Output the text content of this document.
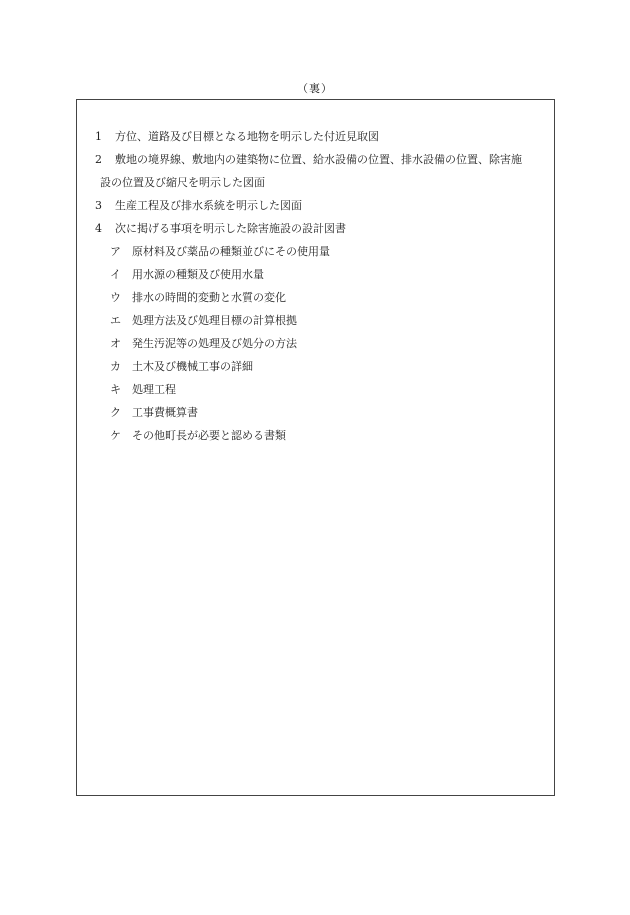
（裏）
1	方位、道路及び目標となる地物を明示した付近見取図
2	敷地の境界線、敷地内の建築物に位置、給水設備の位置、排水設備の位置、除害施
設の位置及び縮尺を明示した図面
3	生産工程及び排水系統を明示した図面
4	次に掲げる事項を明示した除害施設の設計図書
ア	原材料及び薬品の種類並びにその使用量
イ	用水源の種類及び使用水量
ウ	排水の時間的変動と水質の変化
エ	処理方法及び処理目標の計算根拠
オ	発生汚泥等の処理及び処分の方法
カ	土木及び機械工事の詳細
キ	処理工程
ク	工事費概算書
ケ	その他町長が必要と認める書類
